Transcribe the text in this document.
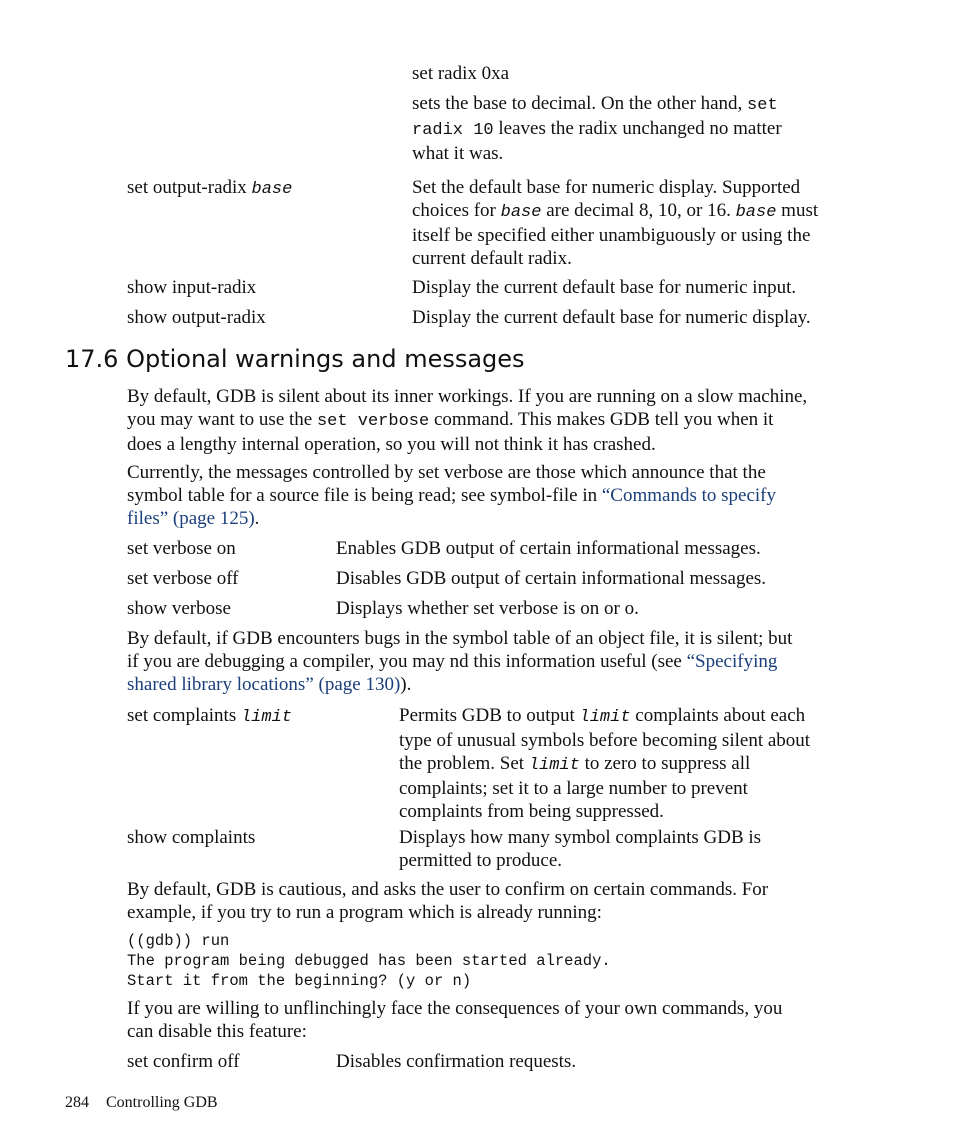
set radix 0xa
sets the base to decimal. On the other hand, set
radix 10 leaves the radix unchanged no matter
what it was.
set output-radix base	Set the default base for numeric display. Supported
choices for base are decimal 8, 10, or 16. base must
itself be specified either unambiguously or using the
current default radix.
show input-radix	Display the current default base for numeric input.
show output-radix	Display the current default base for numeric display.
17.6 Optional warnings and messages
By default, GDB is silent about its inner workings. If you are running on a slow machine,
you may want to use the set verbose command. This makes GDB tell you when it
does a lengthy internal operation, so you will not think it has crashed.
Currently, the messages controlled by set verbose are those which announce that the
symbol table for a source file is being read; see symbol-file in “Commands to specify
files” (page 125).
set verbose on	Enables GDB output of certain informational messages.
set verbose off	Disables GDB output of certain informational messages.
show verbose	Displays whether set verbose is on or o.
By default, if GDB encounters bugs in the symbol table of an object file, it is silent; but
if you are debugging a compiler, you may nd this information useful (see “Specifying
shared library locations” (page 130)).
set complaints limit	Permits GDB to output limit complaints about each
type of unusual symbols before becoming silent about
the problem. Set limit to zero to suppress all
complaints; set it to a large number to prevent
complaints from being suppressed.
show complaints	Displays how many symbol complaints GDB is
permitted to produce.
By default, GDB is cautious, and asks the user to confirm on certain commands. For
example, if you try to run a program which is already running:
((gdb)) run
The program being debugged has been started already.
Start it from the beginning? (y or n)
If you are willing to unflinchingly face the consequences of your own commands, you
can disable this feature:
set confirm off	Disables confirmation requests.
284 Controlling GDB
